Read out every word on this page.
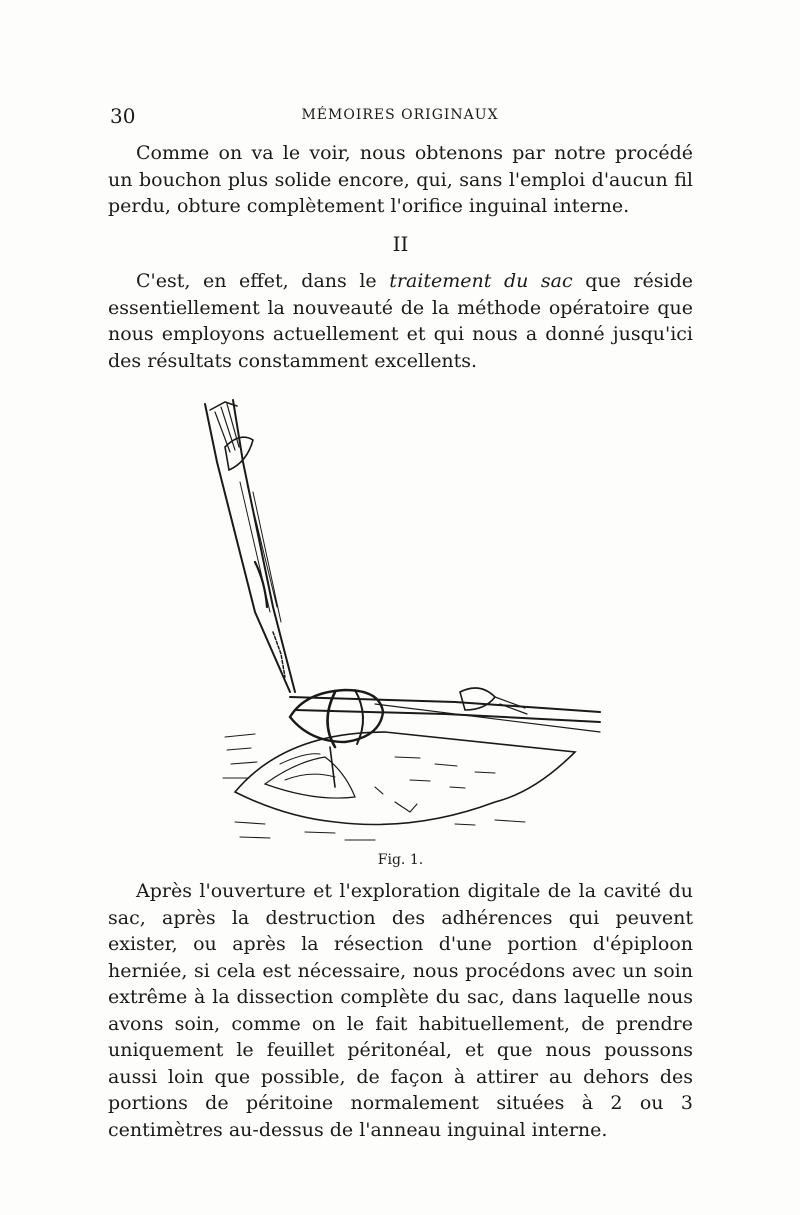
30	MÉMOIRES ORIGINAUX

Comme on va le voir, nous obtenons par notre procédé un bouchon plus solide encore, qui, sans l'emploi d'aucun fil perdu, obture complètement l'orifice inguinal interne.

II

C'est, en effet, dans le traitement du sac que réside essentiellement la nouveauté de la méthode opératoire que nous employons actuellement et qui nous a donné jusqu'ici des résultats constamment excellents.

Fig. 1.

Après l'ouverture et l'exploration digitale de la cavité du sac, après la destruction des adhérences qui peuvent exister, ou après la résection d'une portion d'épiploon herniée, si cela est nécessaire, nous procédons avec un soin extrême à la dissection complète du sac, dans laquelle nous avons soin, comme on le fait habituellement, de prendre uniquement le feuillet péritonéal, et que nous poussons aussi loin que possible, de façon à attirer au dehors des portions de péritoine normalement situées à 2 ou 3 centimètres au-dessus de l'anneau inguinal interne.
